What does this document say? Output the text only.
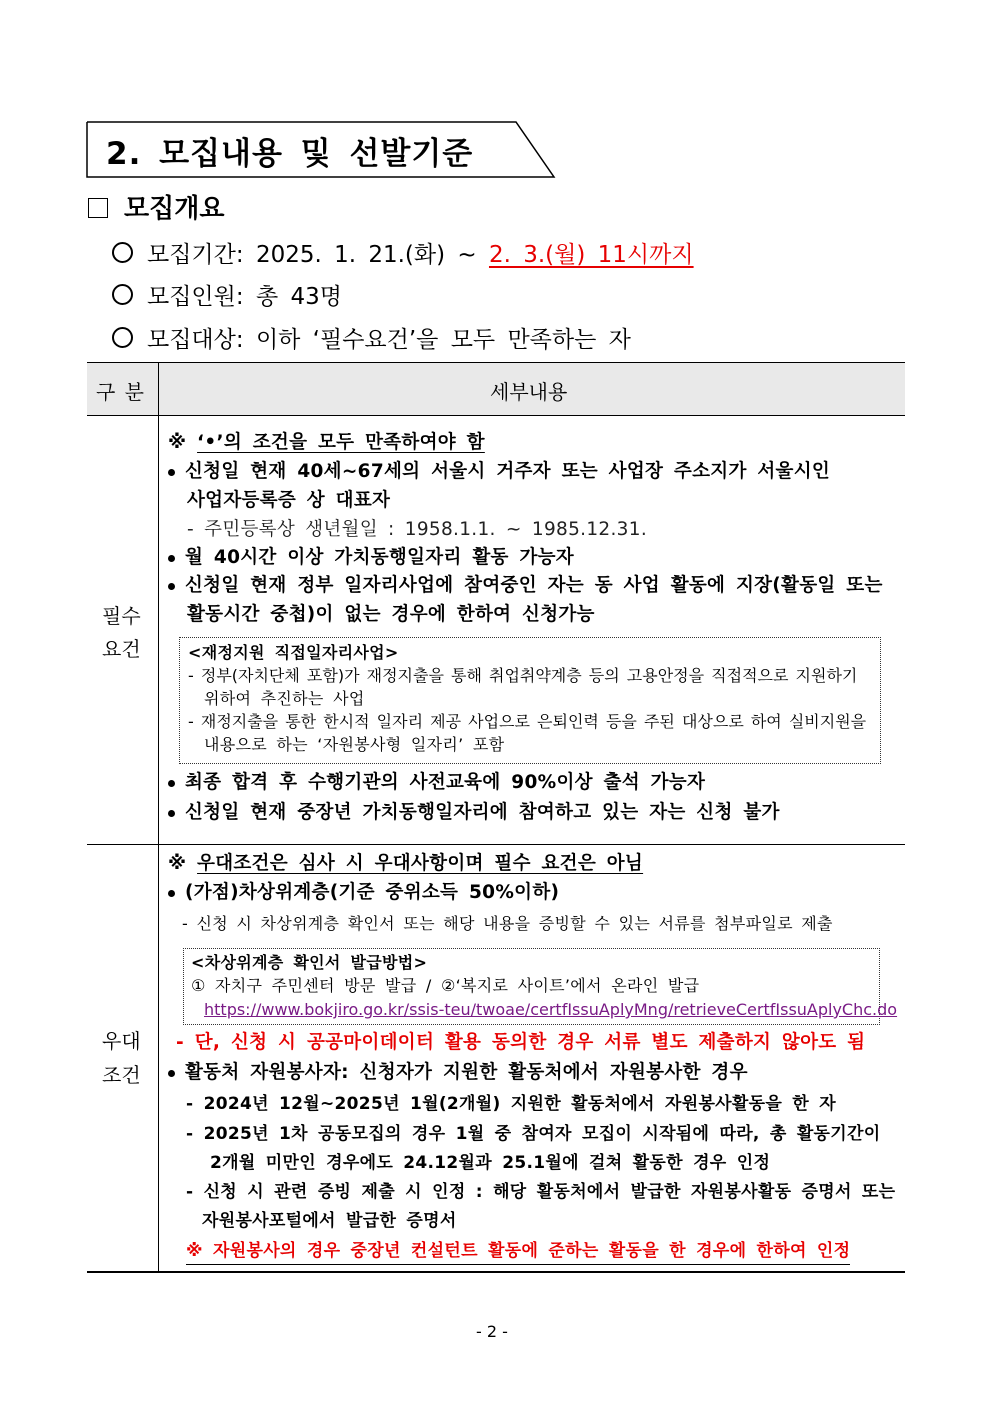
2. 모집내용 및 선발기준
모집개요
모집기간: 2025. 1. 21.(화) ~ 2. 3.(월) 11시까지
모집인원: 총 43명
모집대상: 이하 ‘필수요건’을 모두 만족하는 자
구 분	세부내용
필수
요건
※ ‘•’의 조건을 모두 만족하여야 함
신청일 현재 40세~67세의 서울시 거주자 또는 사업장 주소지가 서울시인
사업자등록증 상 대표자
- 주민등록상 생년월일 : 1958.1.1. ~ 1985.12.31.
월 40시간 이상 가치동행일자리 활동 가능자
신청일 현재 정부 일자리사업에 참여중인 자는 동 사업 활동에 지장(활동일 또는
활동시간 중첩)이 없는 경우에 한하여 신청가능
<재정지원 직접일자리사업>
- 정부(자치단체 포함)가 재정지출을 통해 취업취약계층 등의 고용안정을 직접적으로 지원하기
위하여 추진하는 사업
- 재정지출을 통한 한시적 일자리 제공 사업으로 은퇴인력 등을 주된 대상으로 하여 실비지원을
내용으로 하는 ‘자원봉사형 일자리’ 포함
최종 합격 후 수행기관의 사전교육에 90%이상 출석 가능자
신청일 현재 중장년 가치동행일자리에 참여하고 있는 자는 신청 불가
우대
조건
※ 우대조건은 심사 시 우대사항이며 필수 요건은 아님
(가점)차상위계층(기준 중위소득 50%이하)
- 신청 시 차상위계층 확인서 또는 해당 내용을 증빙할 수 있는 서류를 첨부파일로 제출
<차상위계층 확인서 발급방법>
① 자치구 주민센터 방문 발급 / ②‘복지로 사이트’에서 온라인 발급
https://www.bokjiro.go.kr/ssis-teu/twoae/certfIssuAplyMng/retrieveCertfIssuAplyChc.do
- 단, 신청 시 공공마이데이터 활용 동의한 경우 서류 별도 제출하지 않아도 됨
활동처 자원봉사자: 신청자가 지원한 활동처에서 자원봉사한 경우
- 2024년 12월~2025년 1월(2개월) 지원한 활동처에서 자원봉사활동을 한 자
- 2025년 1차 공동모집의 경우 1월 중 참여자 모집이 시작됨에 따라, 총 활동기간이
2개월 미만인 경우에도 24.12월과 25.1월에 걸쳐 활동한 경우 인정
- 신청 시 관련 증빙 제출 시 인정 : 해당 활동처에서 발급한 자원봉사활동 증명서 또는
자원봉사포털에서 발급한 증명서
※ 자원봉사의 경우 중장년 컨설턴트 활동에 준하는 활동을 한 경우에 한하여 인정
- 2 -
